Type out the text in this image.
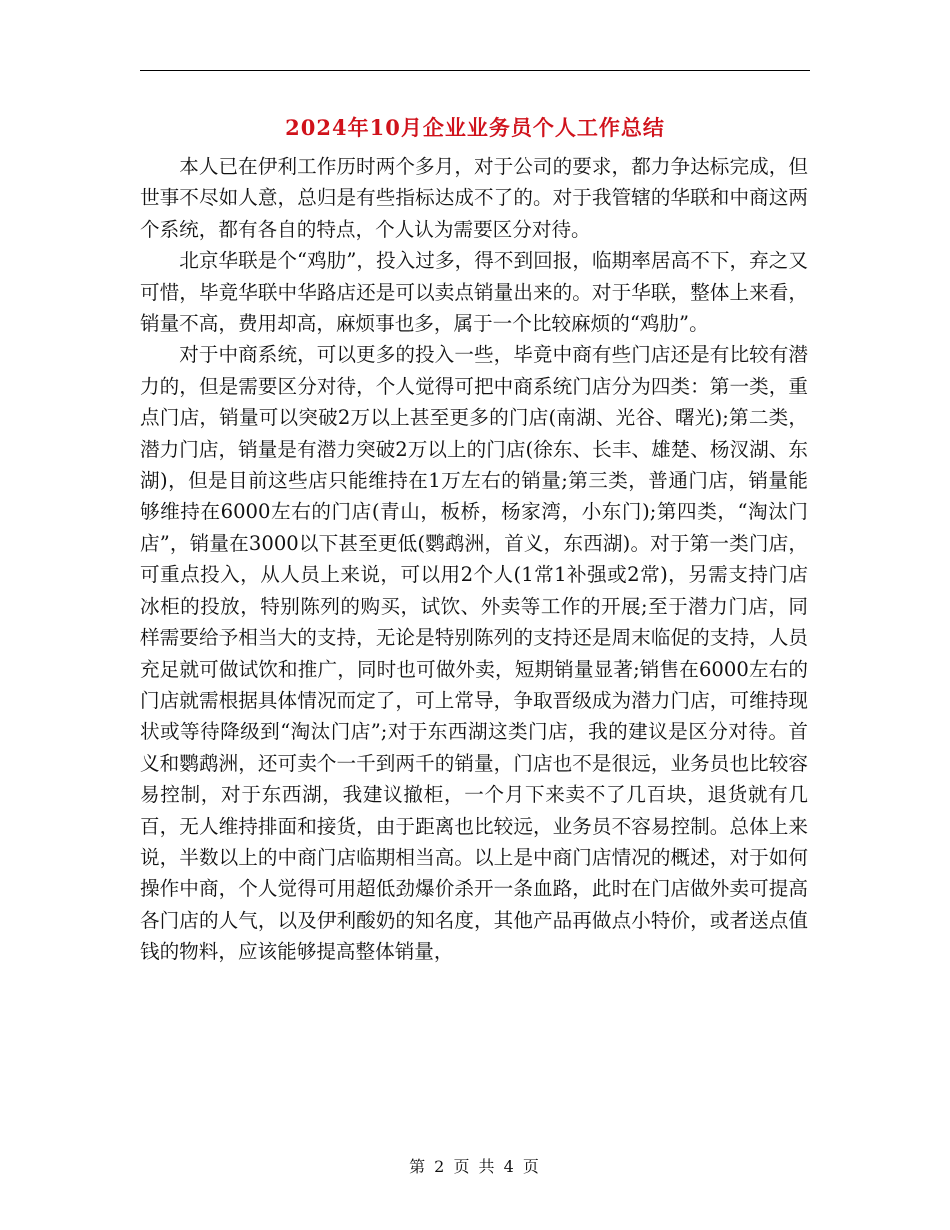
2024年10月企业业务员个人工作总结

本人已在伊利工作历时两个多月，对于公司的要求，都力争达标完成，但世事不尽如人意，总归是有些指标达成不了的。对于我管辖的华联和中商这两个系统，都有各自的特点，个人认为需要区分对待。

北京华联是个“鸡肋”，投入过多，得不到回报，临期率居高不下，弃之又可惜，毕竟华联中华路店还是可以卖点销量出来的。对于华联，整体上来看，销量不高，费用却高，麻烦事也多，属于一个比较麻烦的“鸡肋”。

对于中商系统，可以更多的投入一些，毕竟中商有些门店还是有比较有潜力的，但是需要区分对待，个人觉得可把中商系统门店分为四类：第一类，重点门店，销量可以突破2万以上甚至更多的门店(南湖、光谷、曙光);第二类，潜力门店，销量是有潜力突破2万以上的门店(徐东、长丰、雄楚、杨汊湖、东湖)，但是目前这些店只能维持在1万左右的销量;第三类，普通门店，销量能够维持在6000左右的门店(青山，板桥，杨家湾，小东门);第四类，“淘汰门店”，销量在3000以下甚至更低(鹦鹉洲，首义，东西湖)。对于第一类门店，可重点投入，从人员上来说，可以用2个人(1常1补强或2常)，另需支持门店冰柜的投放，特别陈列的购买，试饮、外卖等工作的开展;至于潜力门店，同样需要给予相当大的支持，无论是特别陈列的支持还是周末临促的支持，人员充足就可做试饮和推广，同时也可做外卖，短期销量显著;销售在6000左右的门店就需根据具体情况而定了，可上常导，争取晋级成为潜力门店，可维持现状或等待降级到“淘汰门店”;对于东西湖这类门店，我的建议是区分对待。首义和鹦鹉洲，还可卖个一千到两千的销量，门店也不是很远，业务员也比较容易控制，对于东西湖，我建议撤柜，一个月下来卖不了几百块，退货就有几百，无人维持排面和接货，由于距离也比较远，业务员不容易控制。总体上来说，半数以上的中商门店临期相当高。以上是中商门店情况的概述，对于如何操作中商，个人觉得可用超低劲爆价杀开一条血路，此时在门店做外卖可提高各门店的人气，以及伊利酸奶的知名度，其他产品再做点小特价，或者送点值钱的物料，应该能够提高整体销量，

第 2 页 共 4 页
